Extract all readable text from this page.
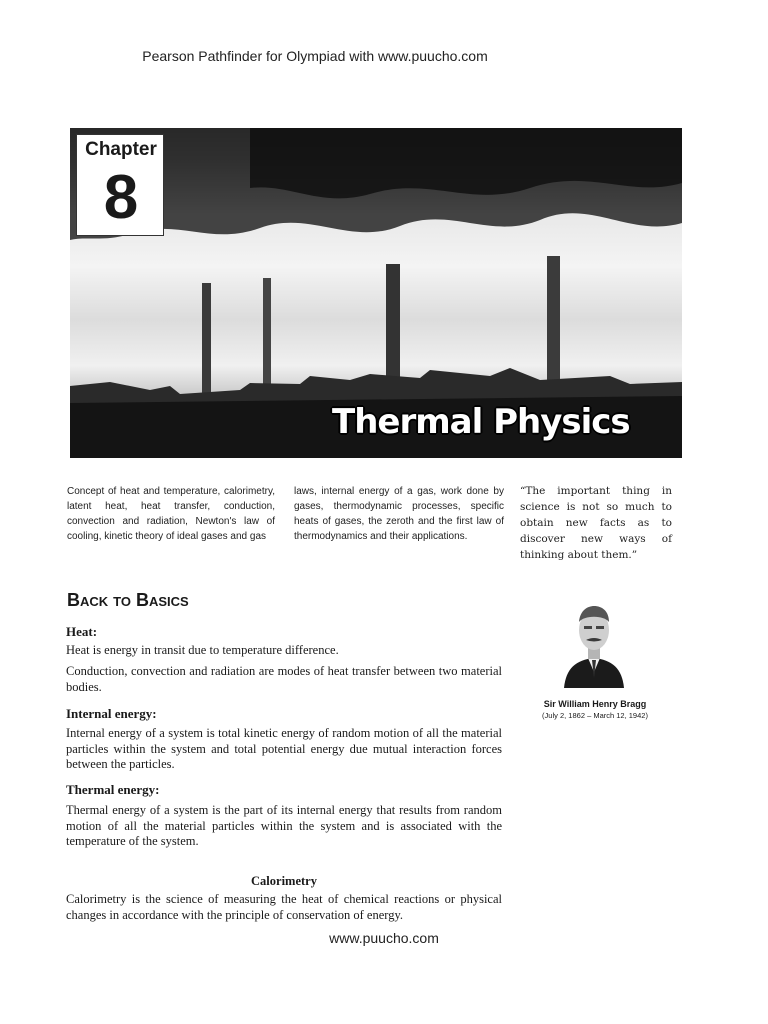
Pearson Pathfinder for Olympiad with www.puucho.com
Chapter
8
Thermal Physics
Concept of heat and temperature, calorimetry, latent heat, heat transfer, conduction, convection and radiation, Newton's law of cooling, kinetic theory of ideal gases and gas
laws, internal energy of a gas, work done by gases, thermodynamic processes, specific heats of gases, the zeroth and the first law of thermodynamics and their applications.
“The important thing in science is not so much to obtain new facts as to discover new ways of thinking about them.”
Back to Basics
Heat:
Heat is energy in transit due to temperature difference.
Conduction, convection and radiation are modes of heat transfer between two material bodies.
Internal energy:
Internal energy of a system is total kinetic energy of random motion of all the material particles within the system and total potential energy due mutual interaction forces between the particles.
Thermal energy:
Thermal energy of a system is the part of its internal energy that results from random motion of all the material particles within the system and is associated with the temperature of the system.
Calorimetry
Calorimetry is the science of measuring the heat of chemical reactions or physical changes in accordance with the principle of conservation of energy.
Sir William Henry Bragg
(July 2, 1862 – March 12, 1942)
www.puucho.com
